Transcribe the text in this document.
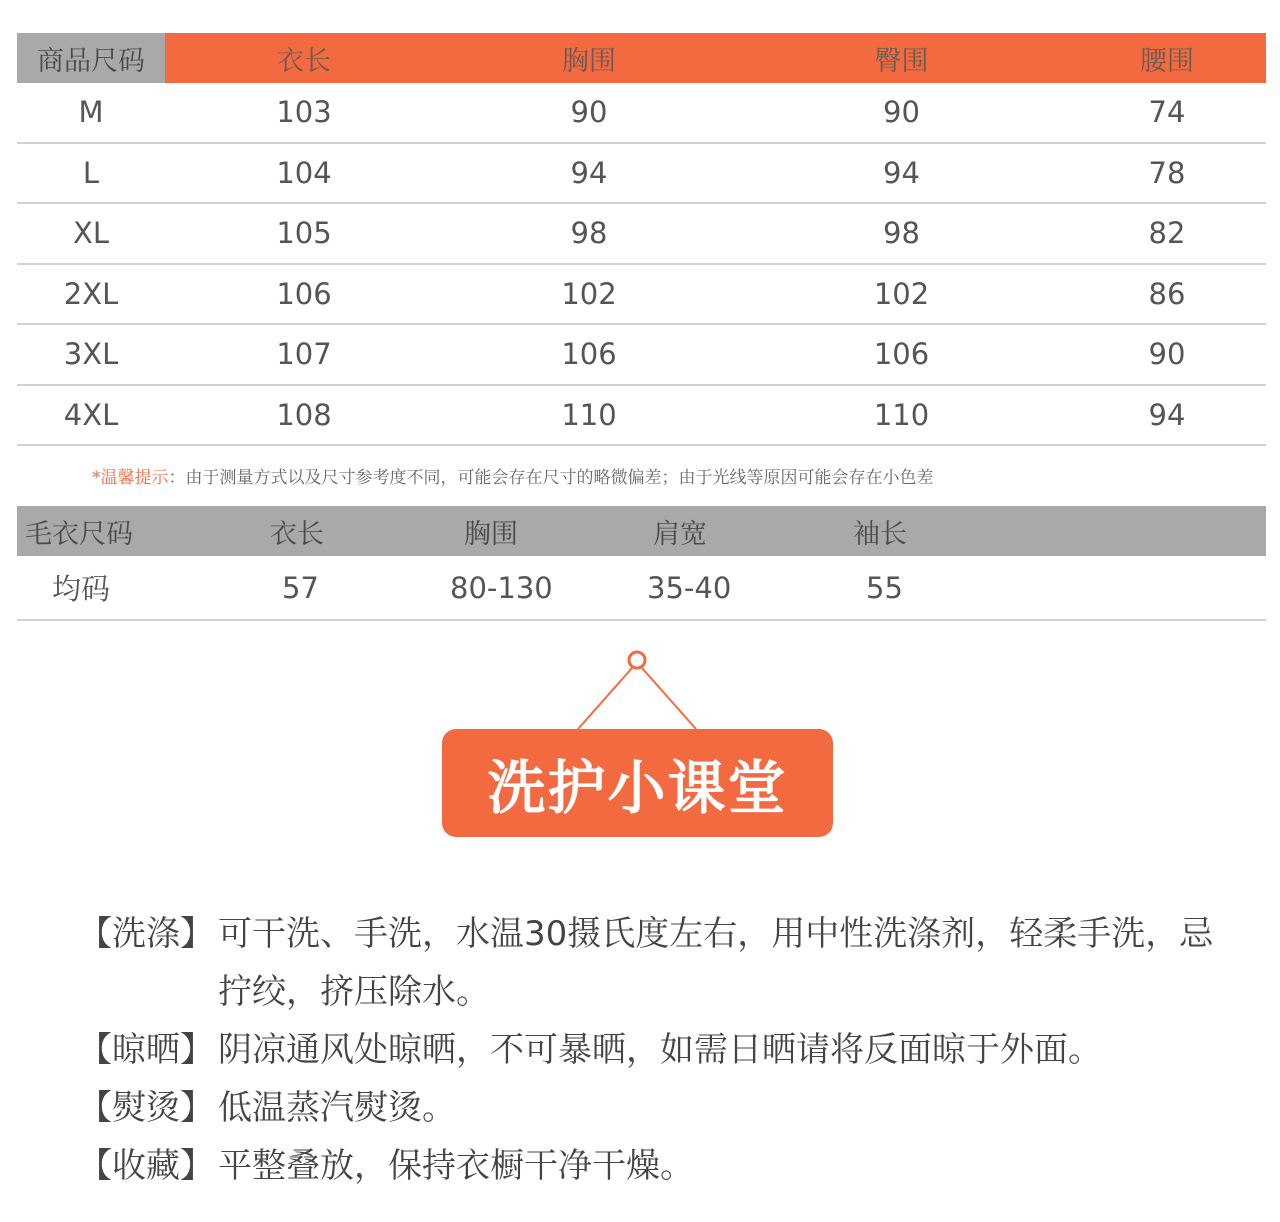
商品尺码	衣长	胸围	臀围	腰围
M	103	90	90	74
L	104	94	94	78
XL	105	98	98	82
2XL	106	102	102	86
3XL	107	106	106	90
4XL	108	110	110	94
*温馨提示：由于测量方式以及尺寸参考度不同，可能会存在尺寸的略微偏差；由于光线等原因可能会存在小色差
毛衣尺码	衣长	胸围	肩宽	袖长
均码	57	80-130	35-40	55
洗护小课堂
【洗涤】 可干洗、手洗，水温30摄氏度左右，用中性洗涤剂，轻柔手洗，忌拧绞，挤压除水。
【晾晒】 阴凉通风处晾晒，不可暴晒，如需日晒请将反面晾于外面。
【熨烫】 低温蒸汽熨烫。
【收藏】 平整叠放，保持衣橱干净干燥。
